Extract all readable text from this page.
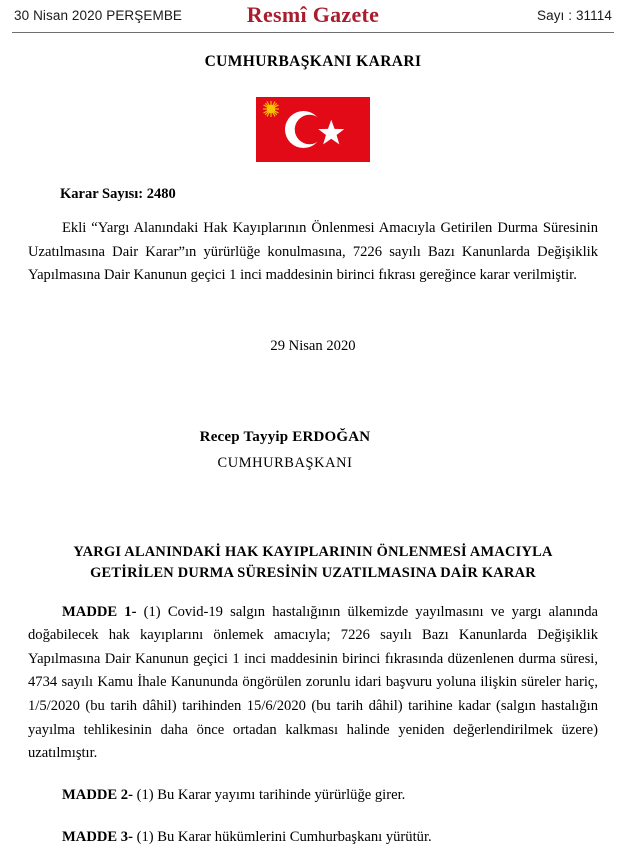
30 Nisan 2020 PERŞEMBE	Resmî Gazete	Sayı : 31114
CUMHURBAŞKANI KARARI
Karar Sayısı: 2480
Ekli “Yargı Alanındaki Hak Kayıplarının Önlenmesi Amacıyla Getirilen Durma Süresinin Uzatılmasına Dair Karar”ın yürürlüğe konulmasına, 7226 sayılı Bazı Kanunlarda Değişiklik Yapılmasına Dair Kanunun geçici 1 inci maddesinin birinci fıkrası gereğince karar verilmiştir.
29 Nisan 2020
Recep Tayyip ERDOĞAN
CUMHURBAŞKANI
YARGI ALANINDAKİ HAK KAYIPLARININ ÖNLENMESİ AMACIYLA
GETİRİLEN DURMA SÜRESİNİN UZATILMASINA DAİR KARAR
MADDE 1- (1) Covid-19 salgın hastalığının ülkemizde yayılmasını ve yargı alanında doğabilecek hak kayıplarını önlemek amacıyla; 7226 sayılı Bazı Kanunlarda Değişiklik Yapılmasına Dair Kanunun geçici 1 inci maddesinin birinci fıkrasında düzenlenen durma süresi, 4734 sayılı Kamu İhale Kanununda öngörülen zorunlu idari başvuru yoluna ilişkin süreler hariç, 1/5/2020 (bu tarih dâhil) tarihinden 15/6/2020 (bu tarih dâhil) tarihine kadar (salgın hastalığın yayılma tehlikesinin daha önce ortadan kalkması halinde yeniden değerlendirilmek üzere) uzatılmıştır.
MADDE 2- (1) Bu Karar yayımı tarihinde yürürlüğe girer.
MADDE 3- (1) Bu Karar hükümlerini Cumhurbaşkanı yürütür.
